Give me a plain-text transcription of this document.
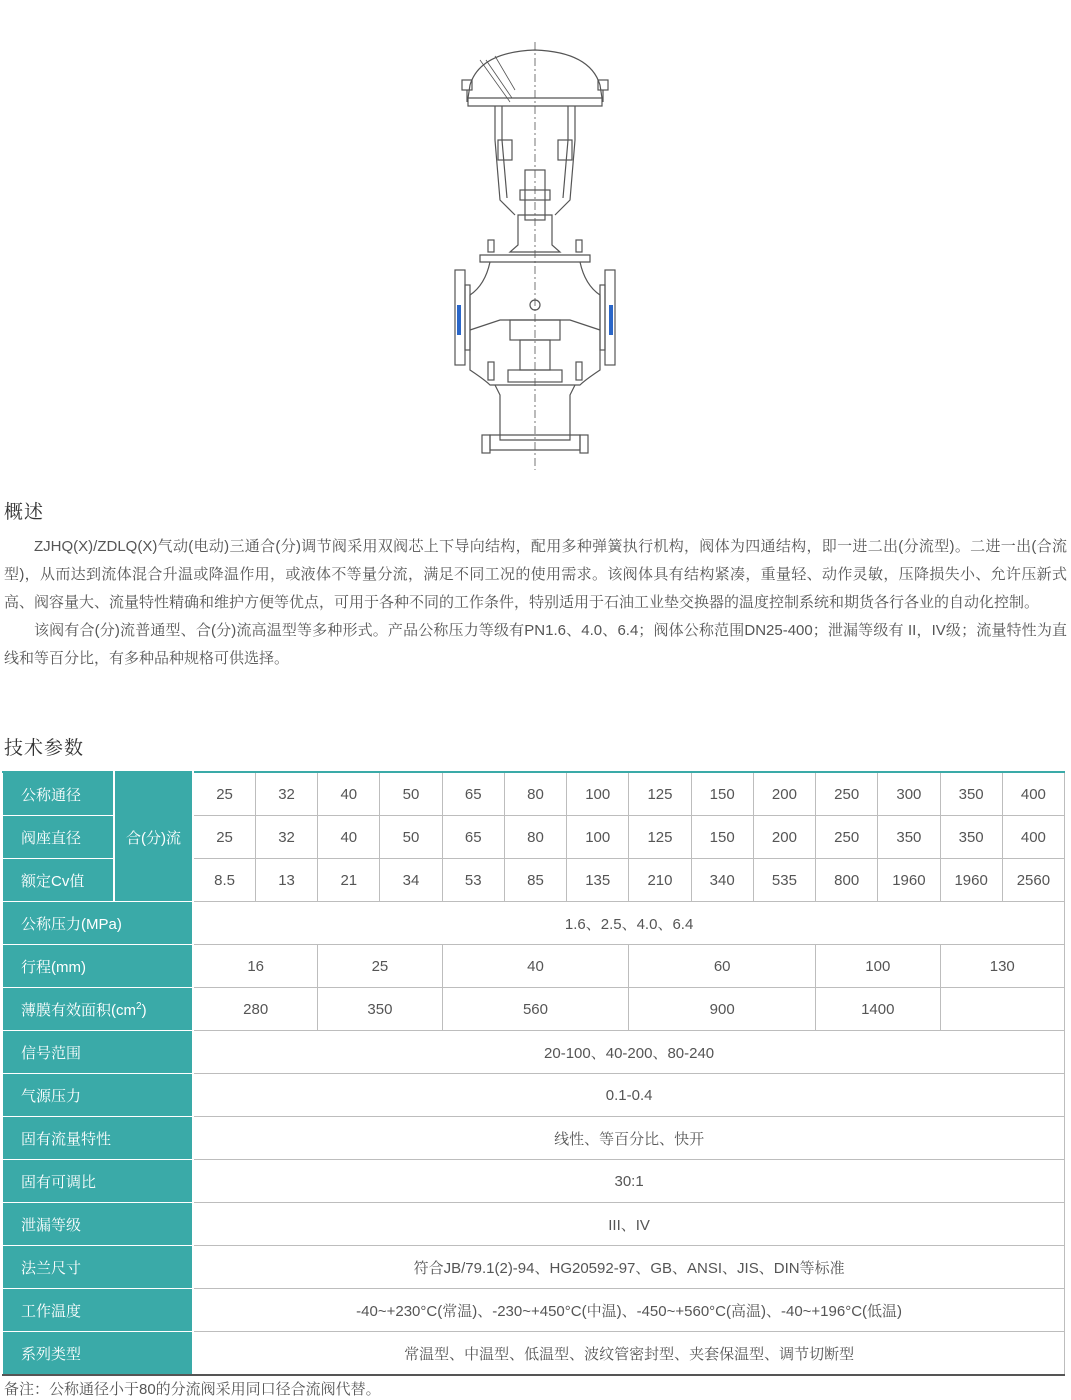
概述

ZJHQ(X)/ZDLQ(X)气动(电动)三通合(分)调节阀采用双阀芯上下导向结构，配用多种弹簧执行机构，阀体为四通结构，即一进二出(分流型)。二进一出(合流型)，从而达到流体混合升温或降温作用，或液体不等量分流，满足不同工况的使用需求。该阀体具有结构紧凑，重量轻、动作灵敏，压降损失小、允许压新式高、阀容量大、流量特性精确和维护方便等优点，可用于各种不同的工作条件，特别适用于石油工业垫交换器的温度控制系统和期货各行各业的自动化控制。

该阀有合(分)流普通型、合(分)流高温型等多种形式。产品公称压力等级有PN1.6、4.0、6.4；阀体公称范围DN25-400；泄漏等级有 II，IV级；流量特性为直线和等百分比，有多种品种规格可供选择。

技术参数
公称通径	合(分)流	25	32	40	50	65	80	100	125	150	200	250	300	350	400
阀座直径		25	32	40	50	65	80	100	125	150	200	250	350	350	400
额定Cv值		8.5	13	21	34	53	85	135	210	340	535	800	1960	1960	2560
公称压力(MPa)		1.6、2.5、4.0、6.4													
行程(mm)		16		25		40			60			100		130	
薄膜有效面积$(cm^2)$		280		350		560			900			1400			
信号范围		20-100、40-200、80-240													
气源压力		0.1-0.4													
固有流量特性		线性、等百分比、快开													
固有可调比		30:1													
泄漏等级		III、IV													
法兰尺寸		符合JB/79.1(2)-94、HG20592-97、GB、ANSI、JIS、DIN等标准													
工作温度		-40~+230°C(常温)、-230~+450°C(中温)、-450~+560°C(高温)、-40~+196°C(低温)													
系列类型		常温型、中温型、低温型、波纹管密封型、夹套保温型、调节切断型													
备注：公称通径小于80的分流阀采用同口径合流阀代替。
